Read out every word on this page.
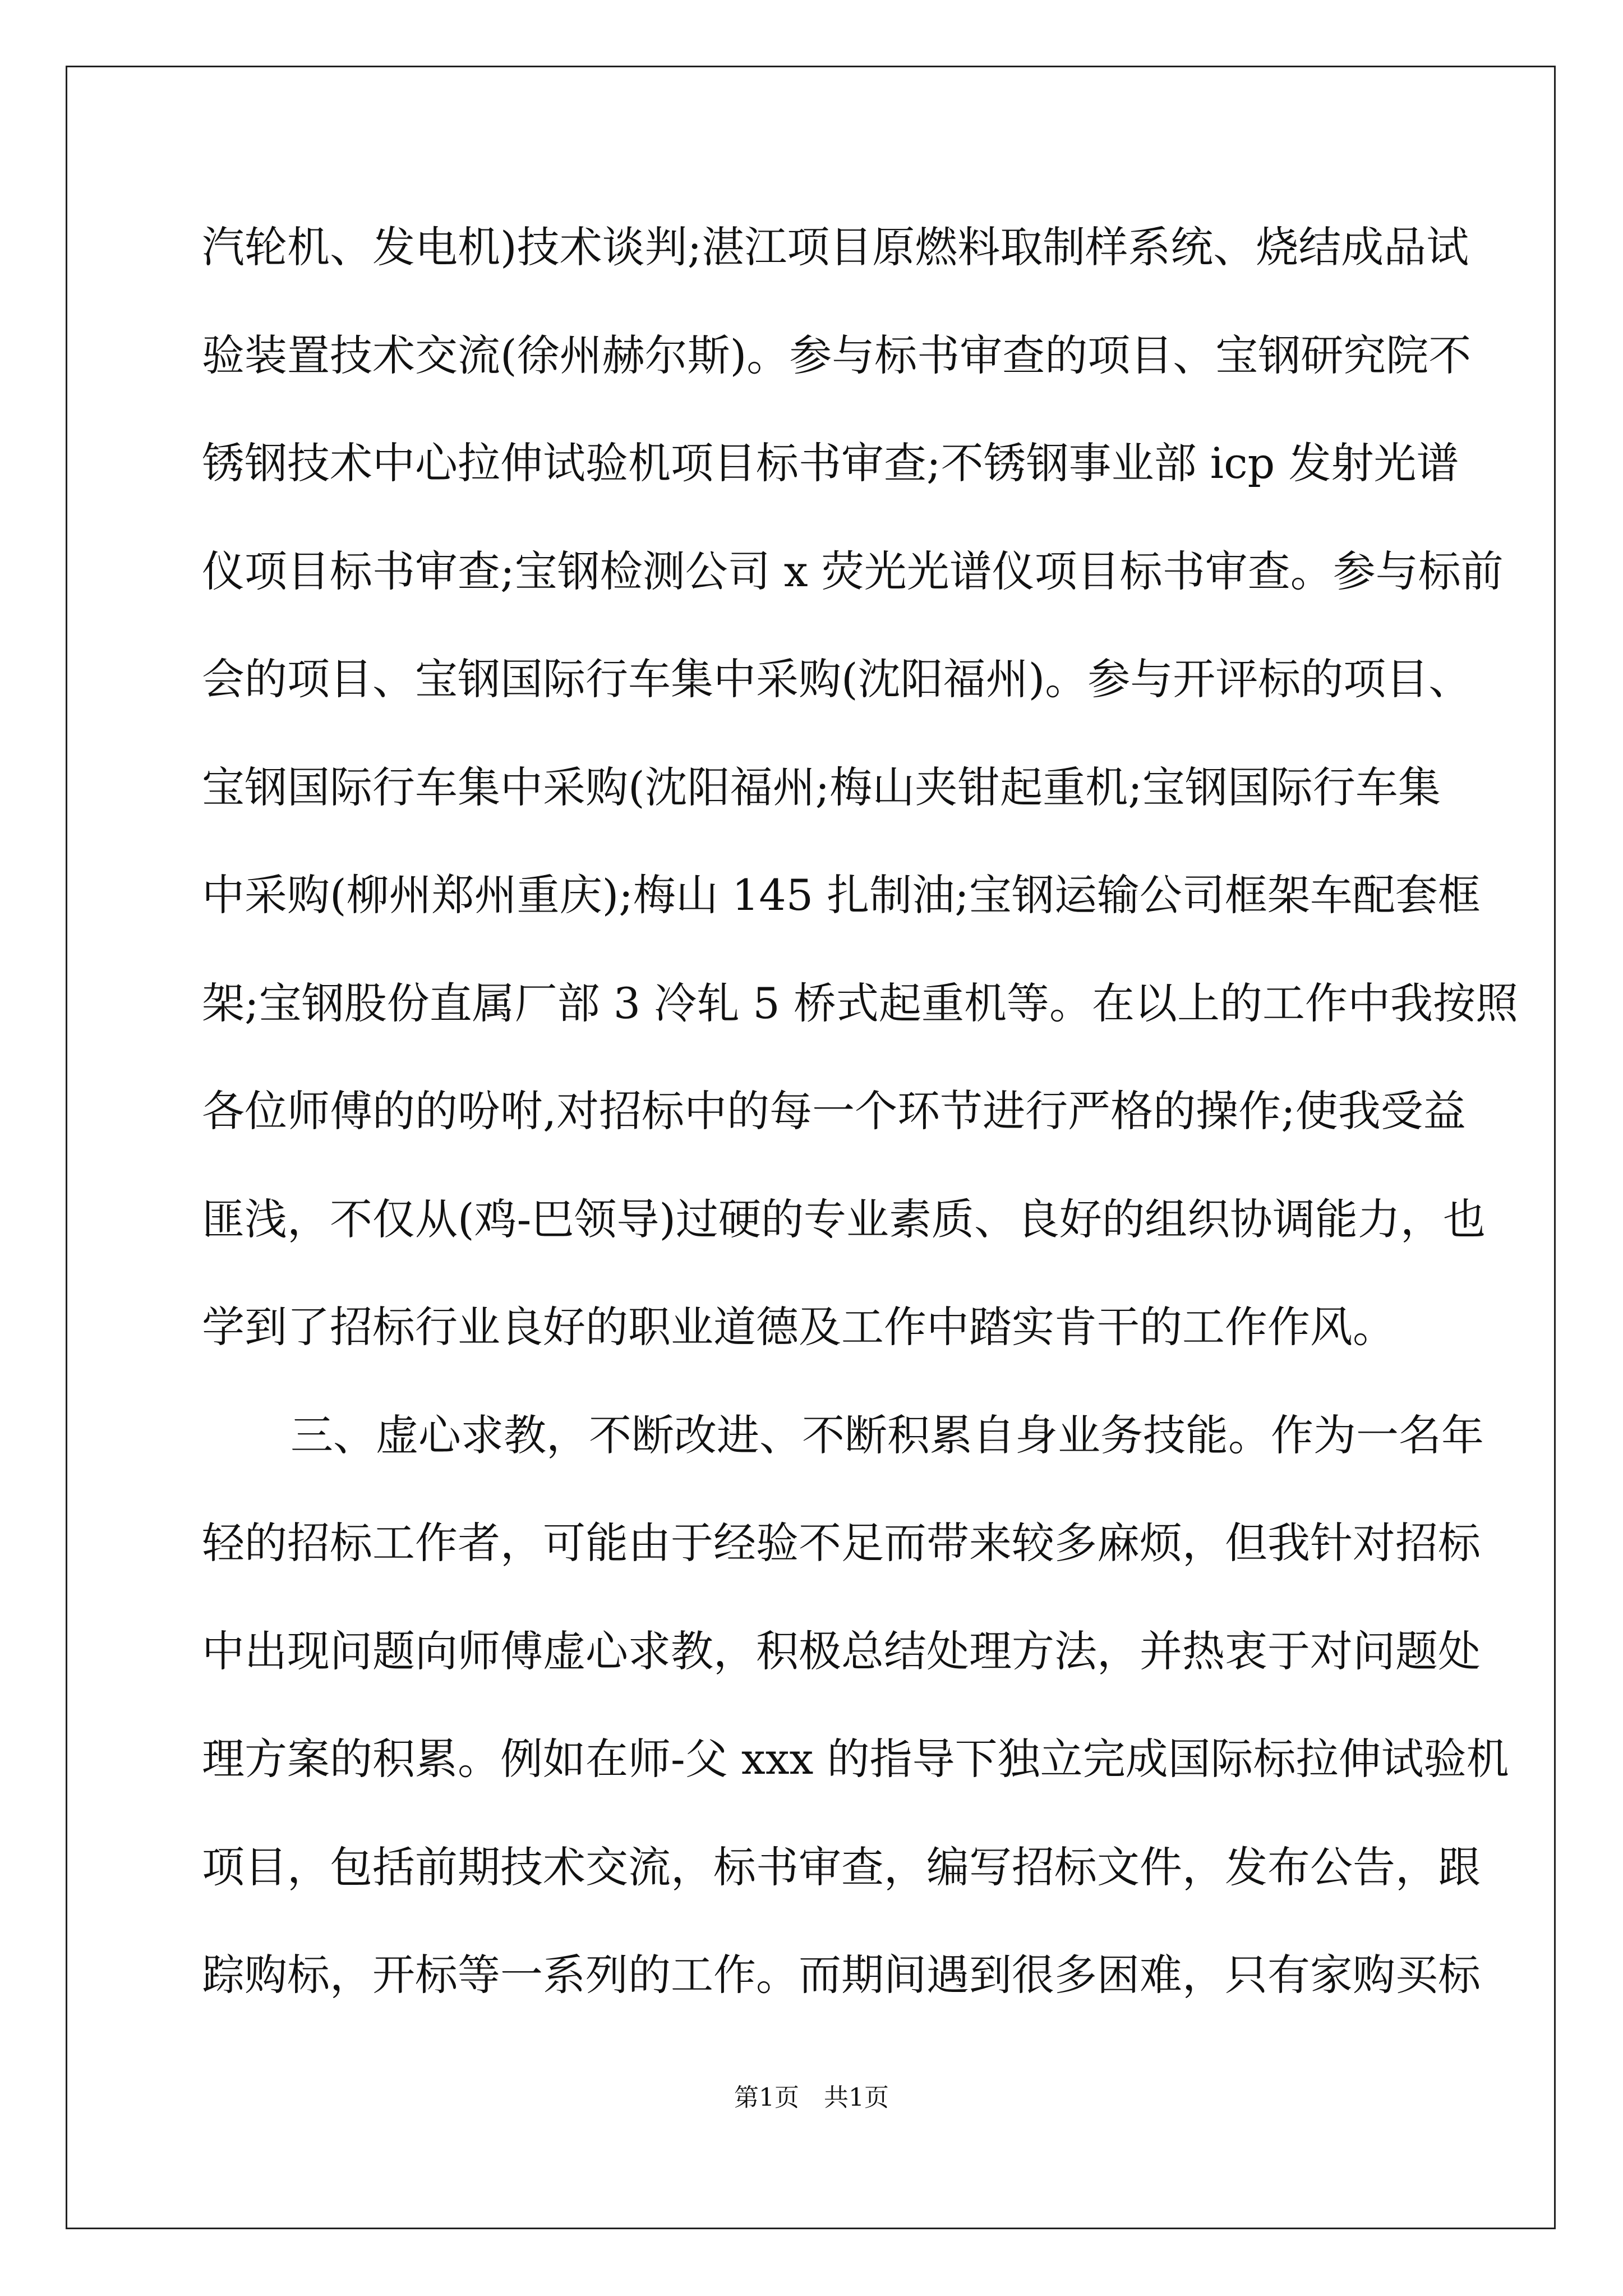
汽轮机、发电机)技术谈判;湛江项目原燃料取制样系统、烧结成品试
验装置技术交流(徐州赫尔斯)。参与标书审查的项目、宝钢研究院不
锈钢技术中心拉伸试验机项目标书审查;不锈钢事业部 icp 发射光谱
仪项目标书审查;宝钢检测公司 x 荧光光谱仪项目标书审查。参与标前
会的项目、宝钢国际行车集中采购(沈阳福州)。参与开评标的项目、
宝钢国际行车集中采购(沈阳福州;梅山夹钳起重机;宝钢国际行车集
中采购(柳州郑州重庆);梅山 145 扎制油;宝钢运输公司框架车配套框
架;宝钢股份直属厂部 3 冷轧 5 桥式起重机等。在以上的工作中我按照
各位师傅的的吩咐,对招标中的每一个环节进行严格的操作;使我受益
匪浅，不仅从(鸡-巴领导)过硬的专业素质、良好的组织协调能力，也
学到了招标行业良好的职业道德及工作中踏实肯干的工作作风。
三、虚心求教，不断改进、不断积累自身业务技能。作为一名年
轻的招标工作者，可能由于经验不足而带来较多麻烦，但我针对招标
中出现问题向师傅虚心求教，积极总结处理方法，并热衷于对问题处
理方案的积累。例如在师-父 xxx 的指导下独立完成国际标拉伸试验机
项目，包括前期技术交流，标书审查，编写招标文件，发布公告，跟
踪购标，开标等一系列的工作。而期间遇到很多困难，只有家购买标
第1页　共1页
